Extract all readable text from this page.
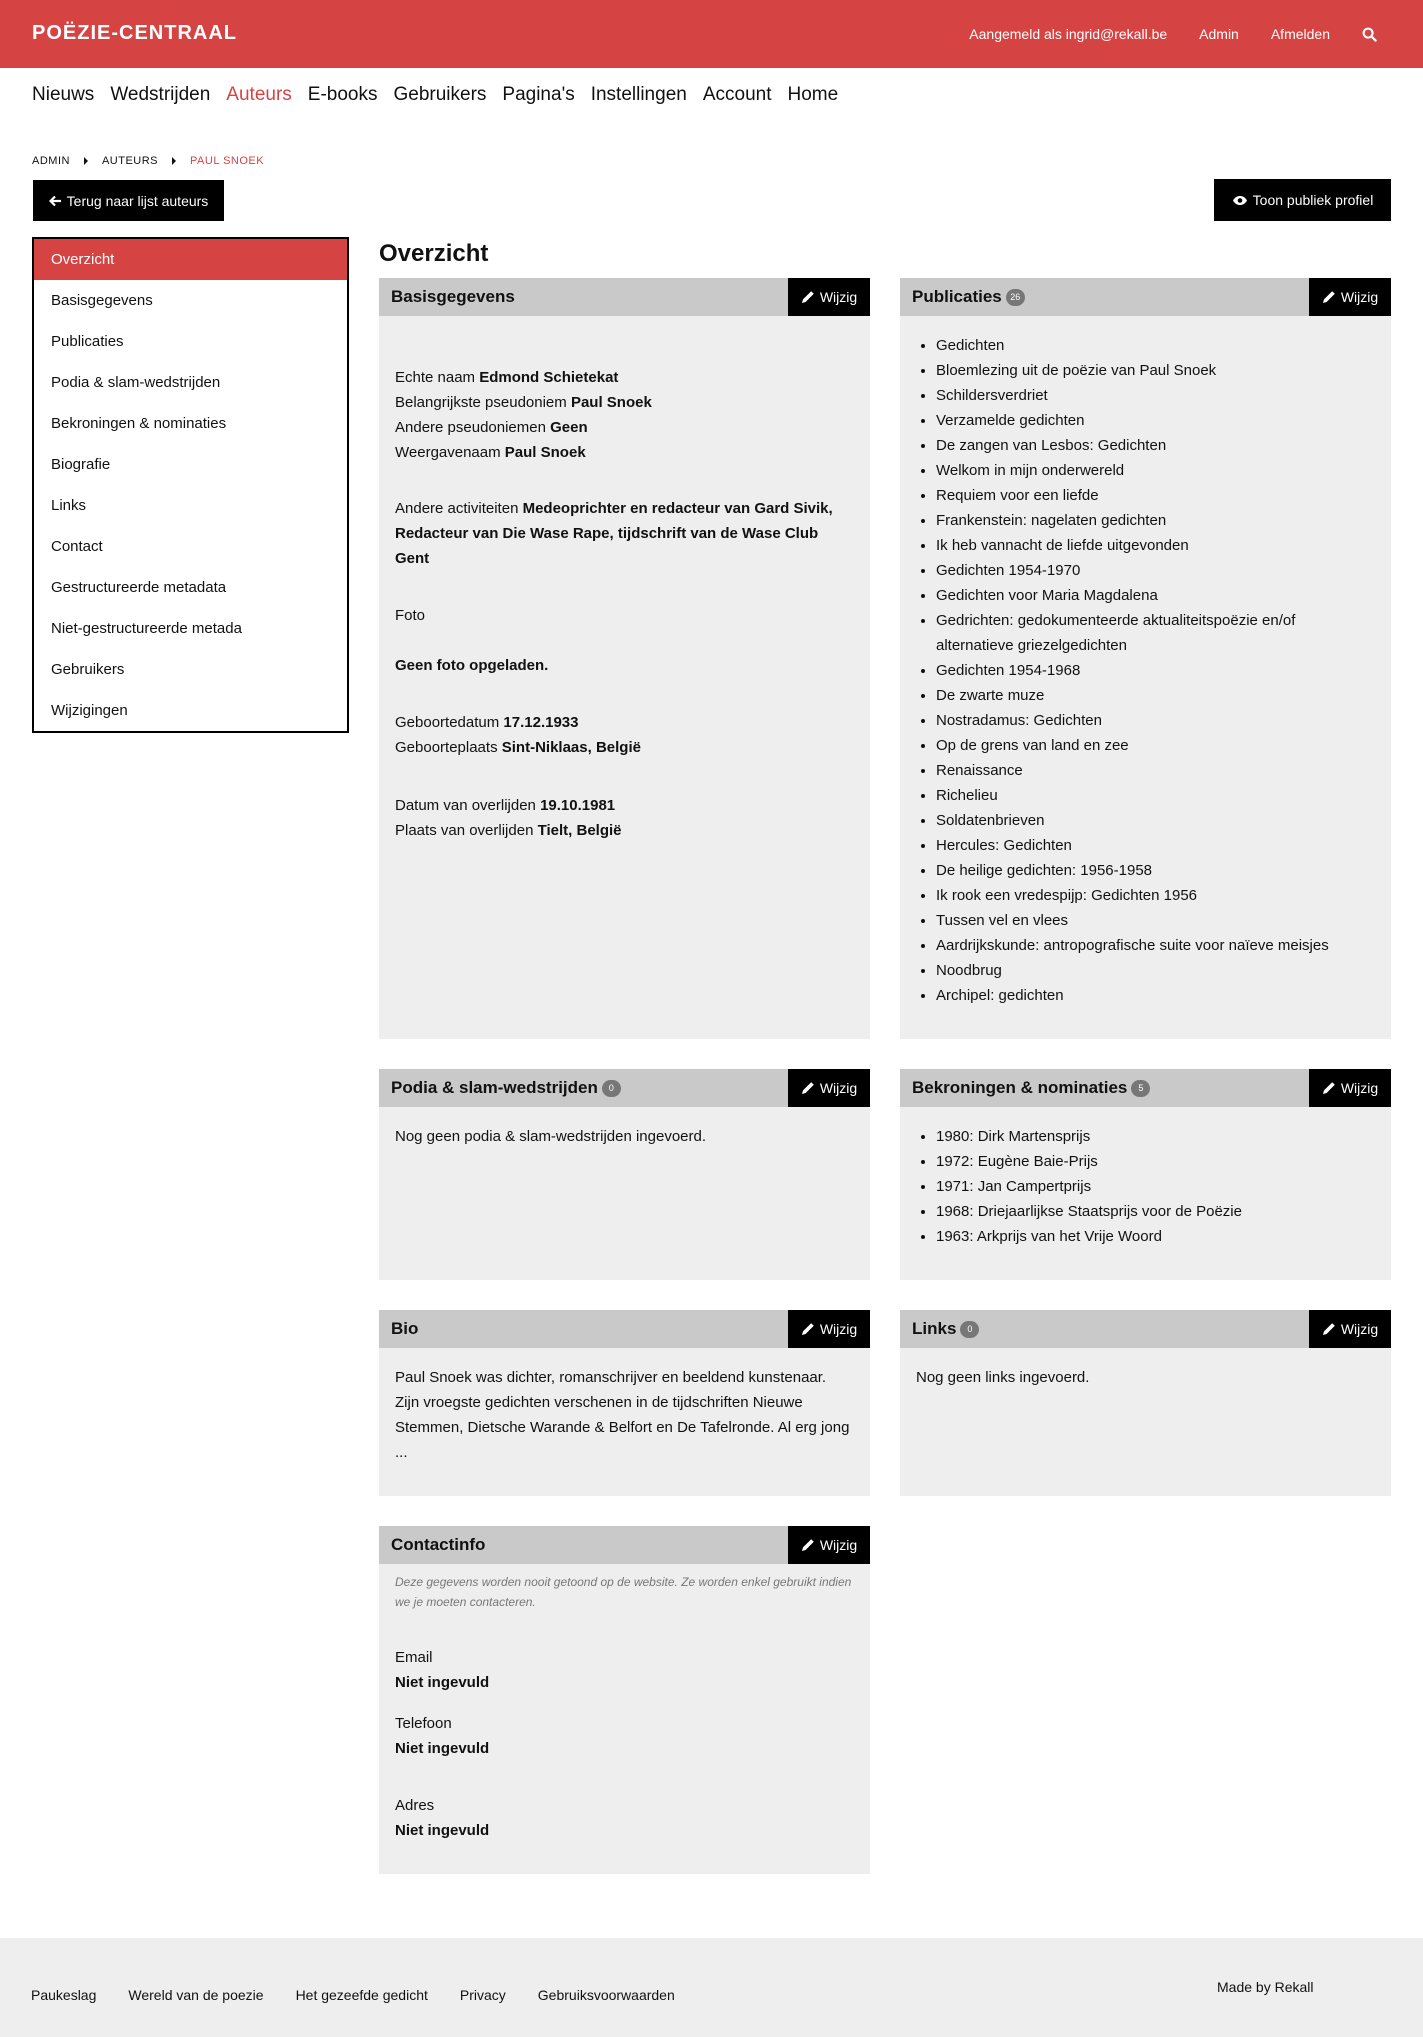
POËZIE-CENTRAAL	Aangemeld als ingrid@rekall.be Admin Afmelden
Nieuws Wedstrijden Auteurs E-books Gebruikers Pagina's Instellingen Account Home
ADMIN	AUTEURS	PAUL SNOEK
Terug naar lijst auteurs	Toon publiek profiel
Overzicht
Basisgegevens
Publicaties
Podia & slam-wedstrijden
Bekroningen & nominaties
Biografie
Links
Contact
Gestructureerde metadata
Niet-gestructureerde metada
Gebruikers
Wijzigingen
Overzicht
Basisgegevens	Wijzig
Echte naam Edmond Schietekat
Belangrijkste pseudoniem Paul Snoek
Andere pseudoniemen Geen
Weergavenaam Paul Snoek
Andere activiteiten Medeoprichter en redacteur van Gard Sivik, Redacteur van Die Wase Rape, tijdschrift van de Wase Club Gent
Foto
Geen foto opgeladen.
Geboortedatum 17.12.1933
Geboorteplaats Sint-Niklaas, België
Datum van overlijden 19.10.1981
Plaats van overlijden Tielt, België
Publicaties 26	Wijzig
• Gedichten
• Bloemlezing uit de poëzie van Paul Snoek
• Schildersverdriet
• Verzamelde gedichten
• De zangen van Lesbos: Gedichten
• Welkom in mijn onderwereld
• Requiem voor een liefde
• Frankenstein: nagelaten gedichten
• Ik heb vannacht de liefde uitgevonden
• Gedichten 1954-1970
• Gedichten voor Maria Magdalena
• Gedrichten: gedokumenteerde aktualiteitspoëzie en/of alternatieve griezelgedichten
• Gedichten 1954-1968
• De zwarte muze
• Nostradamus: Gedichten
• Op de grens van land en zee
• Renaissance
• Richelieu
• Soldatenbrieven
• Hercules: Gedichten
• De heilige gedichten: 1956-1958
• Ik rook een vredespijp: Gedichten 1956
• Tussen vel en vlees
• Aardrijkskunde: antropografische suite voor naïeve meisjes
• Noodbrug
• Archipel: gedichten
Podia & slam-wedstrijden	0	Wijzig
Nog geen podia & slam-wedstrijden ingevoerd.
Bekroningen & nominaties	5	Wijzig
• 1980: Dirk Martensprijs
• 1972: Eugène Baie-Prijs
• 1971: Jan Campertprijs
• 1968: Driejaarlijkse Staatsprijs voor de Poëzie
• 1963: Arkprijs van het Vrije Woord
Bio	Wijzig
Paul Snoek was dichter, romanschrijver en beeldend kunstenaar. Zijn vroegste gedichten verschenen in de tijdschriften Nieuwe Stemmen, Dietsche Warande & Belfort en De Tafelronde. Al erg jong ...
Links	0	Wijzig
Nog geen links ingevoerd.
Contactinfo	Wijzig
Deze gegevens worden nooit getoond op de website. Ze worden enkel gebruikt indien we je moeten contacteren.
Email
Niet ingevuld
Telefoon
Niet ingevuld
Adres
Niet ingevuld
Paukeslag Wereld van de poezie Het gezeefde gedicht Privacy Gebruiksvoorwaarden	Made by Rekall
